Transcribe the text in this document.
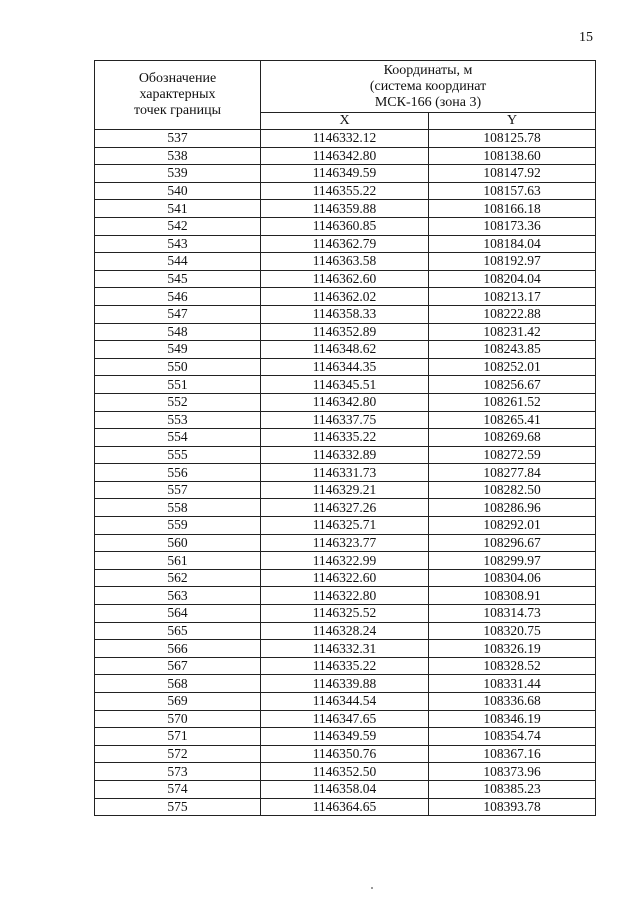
15
Обозначение
характерных
точек границы	Координаты, м
(система координат
МСК-166 (зона 3)	

	X	Y
537	1146332.12	108125.78
538	1146342.80	108138.60
539	1146349.59	108147.92
540	1146355.22	108157.63
541	1146359.88	108166.18
542	1146360.85	108173.36
543	1146362.79	108184.04
544	1146363.58	108192.97
545	1146362.60	108204.04
546	1146362.02	108213.17
547	1146358.33	108222.88
548	1146352.89	108231.42
549	1146348.62	108243.85
550	1146344.35	108252.01
551	1146345.51	108256.67
552	1146342.80	108261.52
553	1146337.75	108265.41
554	1146335.22	108269.68
555	1146332.89	108272.59
556	1146331.73	108277.84
557	1146329.21	108282.50
558	1146327.26	108286.96
559	1146325.71	108292.01
560	1146323.77	108296.67
561	1146322.99	108299.97
562	1146322.60	108304.06
563	1146322.80	108308.91
564	1146325.52	108314.73
565	1146328.24	108320.75
566	1146332.31	108326.19
567	1146335.22	108328.52
568	1146339.88	108331.44
569	1146344.54	108336.68
570	1146347.65	108346.19
571	1146349.59	108354.74
572	1146350.76	108367.16
573	1146352.50	108373.96
574	1146358.04	108385.23
575	1146364.65	108393.78
